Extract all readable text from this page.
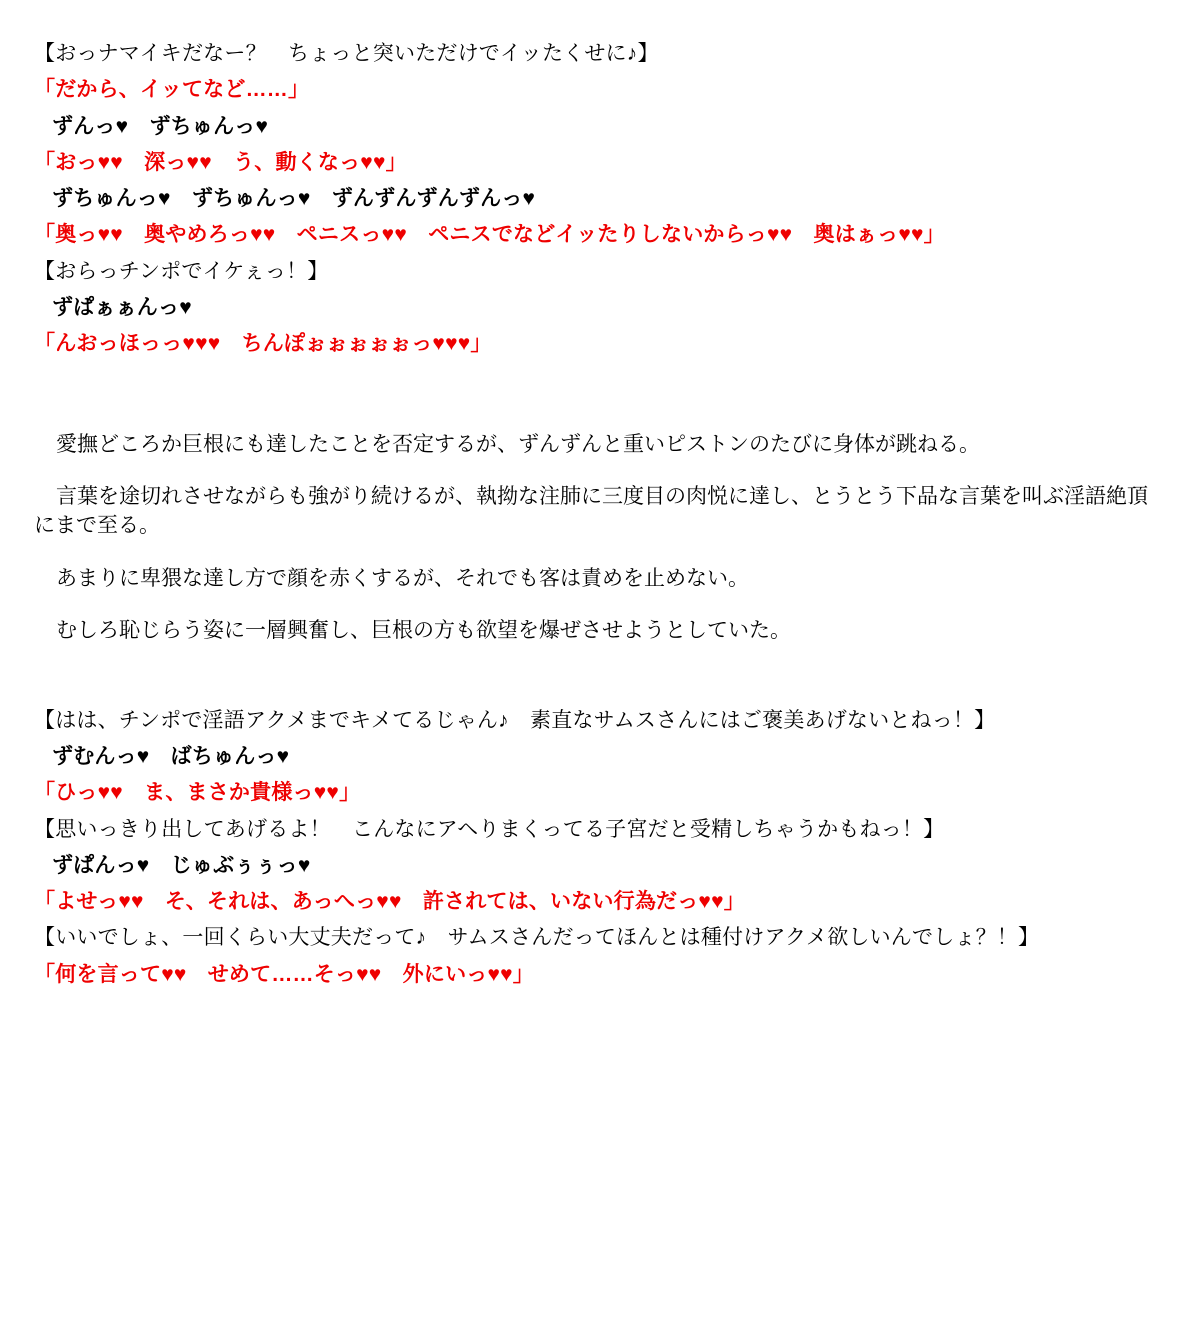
【おっナマイキだなー？　ちょっと突いただけでイッたくせに♪】

「だから、イッてなど……」

ずんっ♥　ずちゅんっ♥

「おっ♥♥　深っ♥♥　う、動くなっ♥♥」

ずちゅんっ♥　ずちゅんっ♥　ずんずんずんずんっ♥

「奥っ♥♥　奥やめろっ♥♥　ペニスっ♥♥　ペニスでなどイッたりしないからっ♥♥　奥はぁっ♥♥」

【おらっチンポでイケぇっ！】

ずぱぁぁんっ♥

「んおっほっっ♥♥♥　ちんぽぉぉぉぉぉっ♥♥♥」

愛撫どころか巨根にも達したことを否定するが、ずんずんと重いピストンのたびに身体が跳ねる。

言葉を途切れさせながらも強がり続けるが、執拗な注肺に三度目の肉悦に達し、とうとう下品な言葉を叫ぶ淫語絶頂にまで至る。

あまりに卑猥な達し方で顔を赤くするが、それでも客は責めを止めない。

むしろ恥じらう姿に一層興奮し、巨根の方も欲望を爆ぜさせようとしていた。

【はは、チンポで淫語アクメまでキメてるじゃん♪　素直なサムスさんにはご褒美あげないとねっ！】

ずむんっ♥　ばちゅんっ♥

「ひっ♥♥　ま、まさか貴様っ♥♥」

【思いっきり出してあげるよ！　こんなにアヘりまくってる子宮だと受精しちゃうかもねっ！】

ずぱんっ♥　じゅぶぅぅっ♥

「よせっ♥♥　そ、それは、あっへっ♥♥　許されては、いない行為だっ♥♥」

【いいでしょ、一回くらい大丈夫だって♪　サムスさんだってほんとは種付けアクメ欲しいんでしょ？！】

「何を言って♥♥　せめて……そっ♥♥　外にいっ♥♥」
